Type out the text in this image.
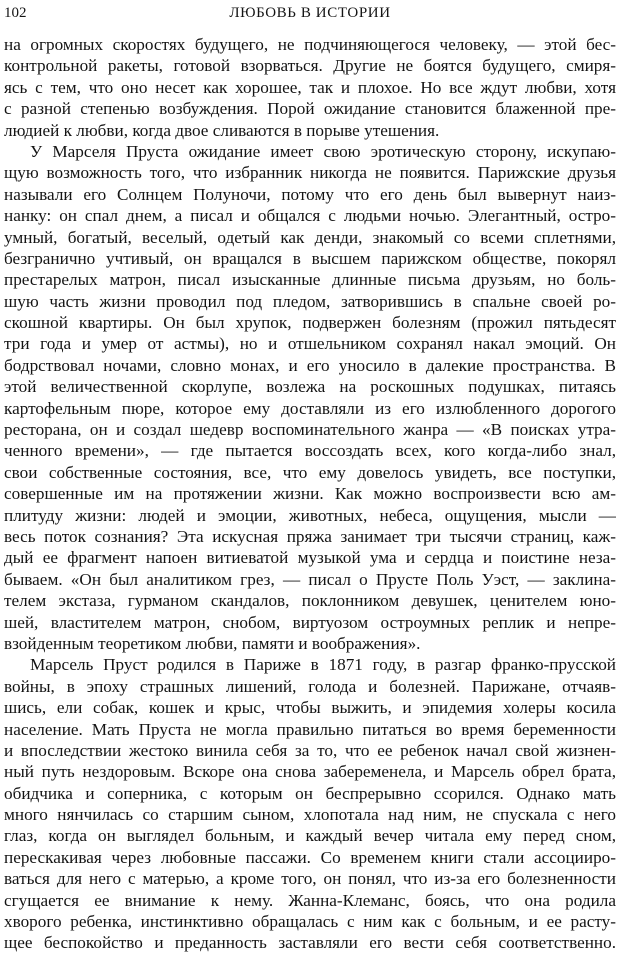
102	ЛЮБОВЬ В ИСТОРИИ
на огромных скоростях будущего, не подчиняющегося человеку, — этой бес-
контрольной ракеты, готовой взорваться. Другие не боятся будущего, смиря-
ясь с тем, что оно несет как хорошее, так и плохое. Но все ждут любви, хотя
с разной степенью возбуждения. Порой ожидание становится блаженной пре-
людией к любви, когда двое сливаются в порыве утешения.
У Марселя Пруста ожидание имеет свою эротическую сторону, искупаю-
щую возможность того, что избранник никогда не появится. Парижские друзья
называли его Солнцем Полуночи, потому что его день был вывернут наиз-
нанку: он спал днем, а писал и общался с людьми ночью. Элегантный, остро-
умный, богатый, веселый, одетый как денди, знакомый со всеми сплетнями,
безгранично учтивый, он вращался в высшем парижском обществе, покорял
престарелых матрон, писал изысканные длинные письма друзьям, но боль-
шую часть жизни проводил под пледом, затворившись в спальне своей ро-
скошной квартиры. Он был хрупок, подвержен болезням (прожил пятьдесят
три года и умер от астмы), но и отшельником сохранял накал эмоций. Он
бодрствовал ночами, словно монах, и его уносило в далекие пространства. В
этой величественной скорлупе, возлежа на роскошных подушках, питаясь
картофельным пюре, которое ему доставляли из его излюбленного дорогого
ресторана, он и создал шедевр воспоминательного жанра — «В поисках утра-
ченного времени», — где пытается воссоздать всех, кого когда-либо знал,
свои собственные состояния, все, что ему довелось увидеть, все поступки,
совершенные им на протяжении жизни. Как можно воспроизвести всю ам-
плитуду жизни: людей и эмоции, животных, небеса, ощущения, мысли —
весь поток сознания? Эта искусная пряжа занимает три тысячи страниц, каж-
дый ее фрагмент напоен витиеватой музыкой ума и сердца и поистине неза-
бываем. «Он был аналитиком грез, — писал о Прусте Поль Уэст, — заклина-
телем экстаза, гурманом скандалов, поклонником девушек, ценителем юно-
шей, властителем матрон, снобом, виртуозом остроумных реплик и непре-
взойденным теоретиком любви, памяти и воображения».
Марсель Пруст родился в Париже в 1871 году, в разгар франко-прусской
войны, в эпоху страшных лишений, голода и болезней. Парижане, отчаяв-
шись, ели собак, кошек и крыс, чтобы выжить, и эпидемия холеры косила
население. Мать Пруста не могла правильно питаться во время беременности
и впоследствии жестоко винила себя за то, что ее ребенок начал свой жизнен-
ный путь нездоровым. Вскоре она снова забеременела, и Марсель обрел брата,
обидчика и соперника, с которым он беспрерывно ссорился. Однако мать
много нянчилась со старшим сыном, хлопотала над ним, не спускала с него
глаз, когда он выглядел больным, и каждый вечер читала ему перед сном,
перескакивая через любовные пассажи. Со временем книги стали ассоцииро-
ваться для него с матерью, а кроме того, он понял, что из-за его болезненности
сгущается ее внимание к нему. Жанна-Клеманс, боясь, что она родила
хворого ребенка, инстинктивно обращалась с ним как с больным, и ее расту-
щее беспокойство и преданность заставляли его вести себя соответственно.
